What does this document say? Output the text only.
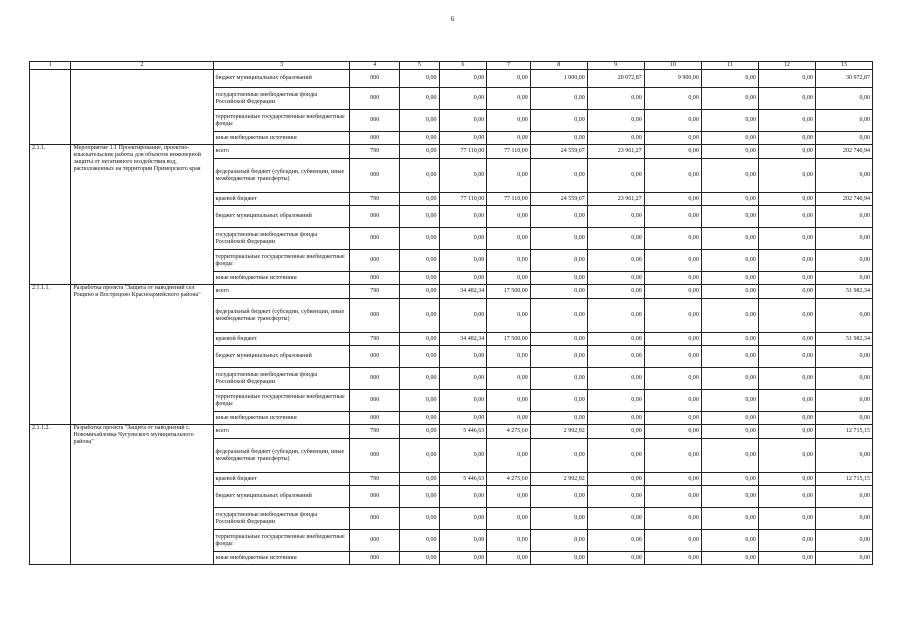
6
1	2	3	4	5	6	7	8	9	10	11	12	13
		бюджет муниципальных образований	000	0,00	0,00	0,00	1 000,00	20 072,87	9 900,00	0,00	0,00	30 972,87
		государственные внебюджетные фонды Российской Федерации	000	0,00	0,00	0,00	0,00	0,00	0,00	0,00	0,00	0,00
		территориальные государственные внебюджетные фонды	000	0,00	0,00	0,00	0,00	0,00	0,00	0,00	0,00	0,00
		иные внебюджетные источники	000	0,00	0,00	0,00	0,00	0,00	0,00	0,00	0,00	0,00
2.1.1.	Мероприятие 1.1 Проектирование, проектно-изыскательские работы для объектов инженерной защиты от негативного воздействия вод, расположенных на территории Приморского края	всего	790	0,00	77 110,00	77 110,00	24 559,67	23 961,27	0,00	0,00	0,00	202 740,94
		федеральный бюджет (субсидии, субвенции, иные межбюджетные трансферты)	000	0,00	0,00	0,00	0,00	0,00	0,00	0,00	0,00	0,00
		краевой бюджет	790	0,00	77 110,00	77 110,00	24 559,67	23 961,27	0,00	0,00	0,00	202 740,94
		бюджет муниципальных образований	000	0,00	0,00	0,00	0,00	0,00	0,00	0,00	0,00	0,00
		государственные внебюджетные фонды Российской Федерации	000	0,00	0,00	0,00	0,00	0,00	0,00	0,00	0,00	0,00
		территориальные государственные внебюджетные фонды	000	0,00	0,00	0,00	0,00	0,00	0,00	0,00	0,00	0,00
		иные внебюджетные источники	000	0,00	0,00	0,00	0,00	0,00	0,00	0,00	0,00	0,00
2.1.1.1.	Разработка проекта "Защита от наводнений сел Рощино и Вострецово Красноармейского района"	всего	790	0,00	34 482,34	17 500,00	0,00	0,00	0,00	0,00	0,00	51 982,34
		федеральный бюджет (субсидии, субвенции, иные межбюджетные трансферты)	000	0,00	0,00	0,00	0,00	0,00	0,00	0,00	0,00	0,00
		краевой бюджет	790	0,00	34 482,34	17 500,00	0,00	0,00	0,00	0,00	0,00	51 982,34
		бюджет муниципальных образований	000	0,00	0,00	0,00	0,00	0,00	0,00	0,00	0,00	0,00
		государственные внебюджетные фонды Российской Федерации	000	0,00	0,00	0,00	0,00	0,00	0,00	0,00	0,00	0,00
		территориальные государственные внебюджетные фонды	000	0,00	0,00	0,00	0,00	0,00	0,00	0,00	0,00	0,00
		иные внебюджетные источники	000	0,00	0,00	0,00	0,00	0,00	0,00	0,00	0,00	0,00
2.1.1.2.	Разработка проекта "Защита от наводнений с. Новомихайловка Чугуевского муниципального района"	всего	790	0,00	5 446,63	4 275,60	2 992,92	0,00	0,00	0,00	0,00	12 715,15
		федеральный бюджет (субсидии, субвенции, иные межбюджетные трансферты)	000	0,00	0,00	0,00	0,00	0,00	0,00	0,00	0,00	0,00
		краевой бюджет	790	0,00	5 446,63	4 275,60	2 992,92	0,00	0,00	0,00	0,00	12 715,15
		бюджет муниципальных образований	000	0,00	0,00	0,00	0,00	0,00	0,00	0,00	0,00	0,00
		государственные внебюджетные фонды Российской Федерации	000	0,00	0,00	0,00	0,00	0,00	0,00	0,00	0,00	0,00
		территориальные государственные внебюджетные фонды	000	0,00	0,00	0,00	0,00	0,00	0,00	0,00	0,00	0,00
		иные внебюджетные источники	000	0,00	0,00	0,00	0,00	0,00	0,00	0,00	0,00	0,00
